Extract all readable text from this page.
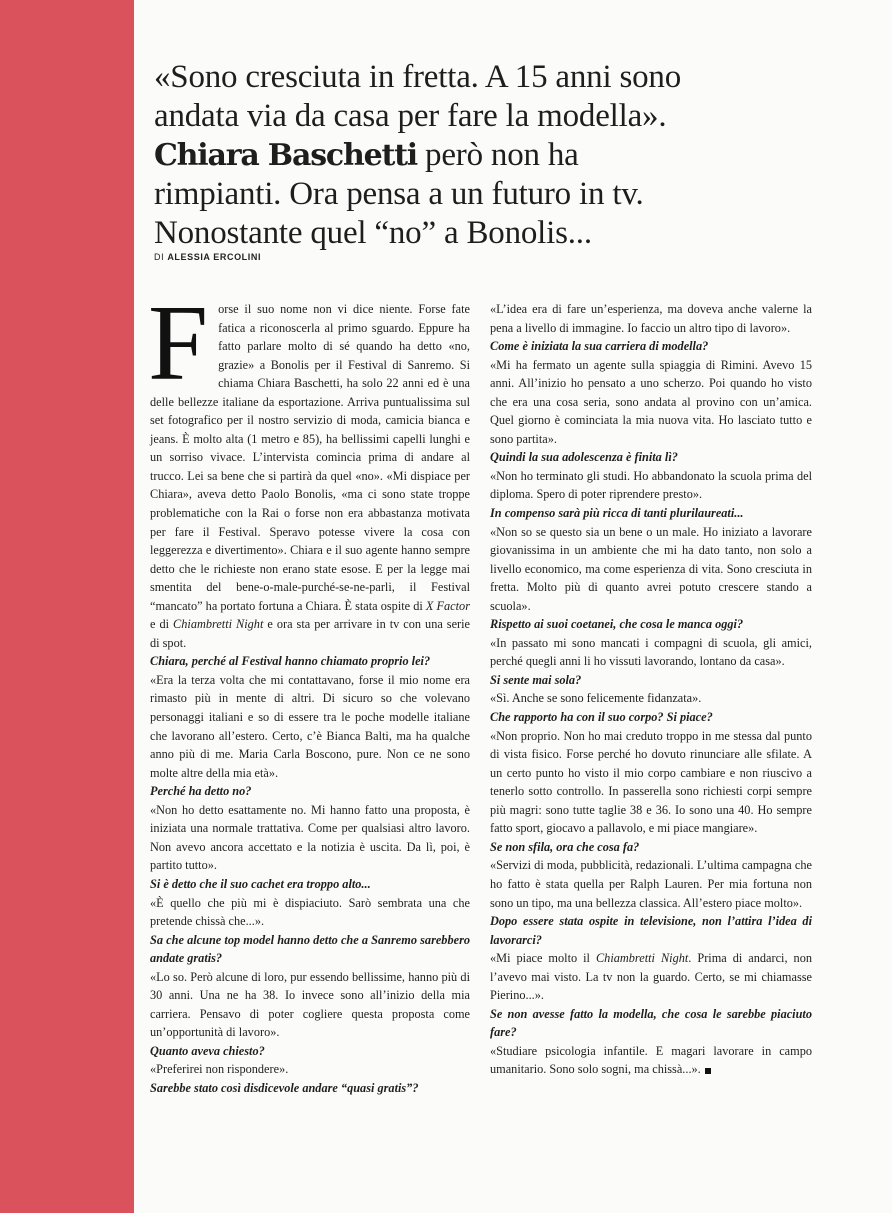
«Sono cresciuta in fretta. A 15 anni sono
andata via da casa per fare la modella».
Chiara Baschetti però non ha
rimpianti. Ora pensa a un futuro in tv.
Nonostante quel “no” a Bonolis...
DI ALESSIA ERCOLINI

Forse il suo nome non vi dice niente. Forse fate fatica a riconoscerla al primo sguardo. Eppure ha fatto parlare molto di sé quando ha detto «no, grazie» a Bonolis per il Festival di Sanremo. Si chiama Chiara Baschetti, ha solo 22 anni ed è una delle bellezze italiane da esportazione. Arriva puntualissima sul set fotografico per il nostro servizio di moda, camicia bianca e jeans. È molto alta (1 metro e 85), ha bellissimi capelli lunghi e un sorriso vivace. L’intervista comincia prima di andare al trucco. Lei sa bene che si partirà da quel «no». «Mi dispiace per Chiara», aveva detto Paolo Bonolis, «ma ci sono state troppe problematiche con la Rai o forse non era abbastanza motivata per fare il Festival. Speravo potesse vivere la cosa con leggerezza e divertimento». Chiara e il suo agente hanno sempre detto che le richieste non erano state esose. E per la legge mai smentita del bene-o-male-purché-se-ne-parli, il Festival “mancato” ha portato fortuna a Chiara. È stata ospite di X Factor e di Chiambretti Night e ora sta per arrivare in tv con una serie di spot.

Chiara, perché al Festival hanno chiamato proprio lei?

«Era la terza volta che mi contattavano, forse il mio nome era rimasto più in mente di altri. Di sicuro so che volevano personaggi italiani e so di essere tra le poche modelle italiane che lavorano all’estero. Certo, c’è Bianca Balti, ma ha qualche anno più di me. Maria Carla Boscono, pure. Non ce ne sono molte altre della mia età».

Perché ha detto no?

«Non ho detto esattamente no. Mi hanno fatto una proposta, è iniziata una normale trattativa. Come per qualsiasi altro lavoro. Non avevo ancora accettato e la notizia è uscita. Da lì, poi, è partito tutto».

Si è detto che il suo cachet era troppo alto...

«È quello che più mi è dispiaciuto. Sarò sembrata una che pretende chissà che...».

Sa che alcune top model hanno detto che a Sanremo sarebbero andate gratis?

«Lo so. Però alcune di loro, pur essendo bellissime, hanno più di 30 anni. Una ne ha 38. Io invece sono all’inizio della mia carriera. Pensavo di poter cogliere questa proposta come un’opportunità di lavoro».

Quanto aveva chiesto?

«Preferirei non rispondere».

Sarebbe stato così disdicevole andare “quasi gratis”?

«L’idea era di fare un’esperienza, ma doveva anche valerne la pena a livello di immagine. Io faccio un altro tipo di lavoro».

Come è iniziata la sua carriera di modella?

«Mi ha fermato un agente sulla spiaggia di Rimini. Avevo 15 anni. All’inizio ho pensato a uno scherzo. Poi quando ho visto che era una cosa seria, sono andata al provino con un’amica. Quel giorno è cominciata la mia nuova vita. Ho lasciato tutto e sono partita».

Quindi la sua adolescenza è finita lì?

«Non ho terminato gli studi. Ho abbandonato la scuola prima del diploma. Spero di poter riprendere presto».

In compenso sarà più ricca di tanti plurilaureati...

«Non so se questo sia un bene o un male. Ho iniziato a lavorare giovanissima in un ambiente che mi ha dato tanto, non solo a livello economico, ma come esperienza di vita. Sono cresciuta in fretta. Molto più di quanto avrei potuto crescere stando a scuola».

Rispetto ai suoi coetanei, che cosa le manca oggi?

«In passato mi sono mancati i compagni di scuola, gli amici, perché quegli anni li ho vissuti lavorando, lontano da casa».

Si sente mai sola?

«Sì. Anche se sono felicemente fidanzata».

Che rapporto ha con il suo corpo? Si piace?

«Non proprio. Non ho mai creduto troppo in me stessa dal punto di vista fisico. Forse perché ho dovuto rinunciare alle sfilate. A un certo punto ho visto il mio corpo cambiare e non riuscivo a tenerlo sotto controllo. In passerella sono richiesti corpi sempre più magri: sono tutte taglie 38 e 36. Io sono una 40. Ho sempre fatto sport, giocavo a pallavolo, e mi piace mangiare».

Se non sfila, ora che cosa fa?

«Servizi di moda, pubblicità, redazionali. L’ultima campagna che ho fatto è stata quella per Ralph Lauren. Per mia fortuna non sono un tipo, ma una bellezza classica. All’estero piace molto».

Dopo essere stata ospite in televisione, non l’attira l’idea di lavorarci?

«Mi piace molto il Chiambretti Night. Prima di andarci, non l’avevo mai visto. La tv non la guardo. Certo, se mi chiamasse Pierino...».

Se non avesse fatto la modella, che cosa le sarebbe piaciuto fare?

«Studiare psicologia infantile. E magari lavorare in campo umanitario. Sono solo sogni, ma chissà...».
